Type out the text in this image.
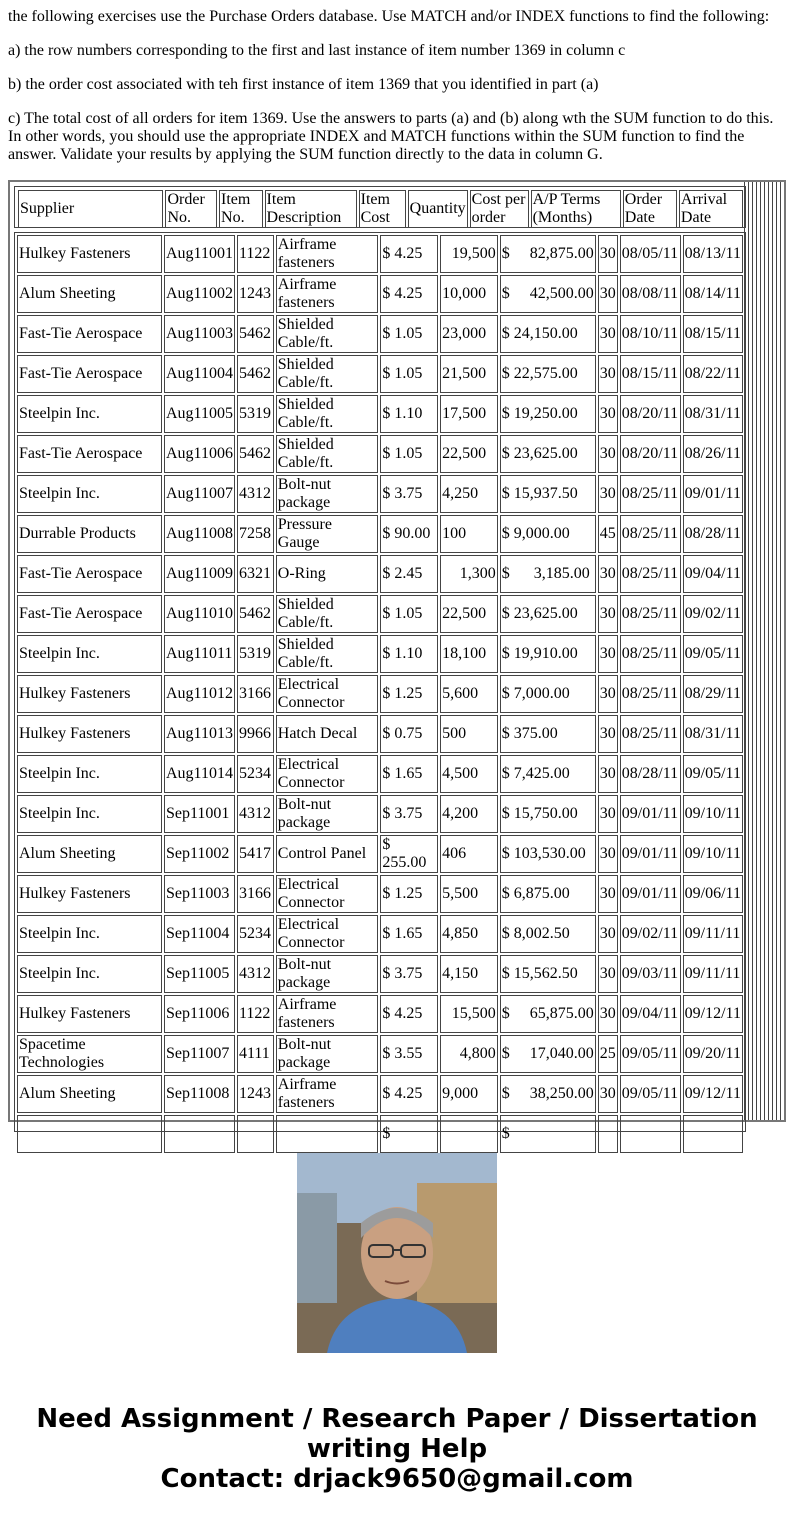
the following exercises use the Purchase Orders database. Use MATCH and/or INDEX functions to find the following:

a) the row numbers corresponding to the first and last instance of item number 1369 in column c

b) the order cost associated with teh first instance of item 1369 that you identified in part (a)

c) The total cost of all orders for item 1369. Use the answers to parts (a) and (b) along wth the SUM function to do this. In other words, you should use the appropriate INDEX and MATCH functions within the SUM function to find the answer. Validate your results by applying the SUM function directly to the data in column G.

Supplier	Order No.	Item No.	Item Description	Item Cost	Quantity	Cost per order	A/P Terms (Months)	Order Date	Arrival Date
Hulkey Fasteners	Aug11001	1122	Airframe fasteners	$ 4.25	19,500	$     82,875.00	30	08/05/11	08/13/11
Alum Sheeting	Aug11002	1243	Airframe fasteners	$ 4.25	10,000	$     42,500.00	30	08/08/11	08/14/11
Fast-Tie Aerospace	Aug11003	5462	Shielded Cable/ft.	$ 1.05	23,000	$ 24,150.00	30	08/10/11	08/15/11
Fast-Tie Aerospace	Aug11004	5462	Shielded Cable/ft.	$ 1.05	21,500	$ 22,575.00	30	08/15/11	08/22/11
Steelpin Inc.	Aug11005	5319	Shielded Cable/ft.	$ 1.10	17,500	$ 19,250.00	30	08/20/11	08/31/11
Fast-Tie Aerospace	Aug11006	5462	Shielded Cable/ft.	$ 1.05	22,500	$ 23,625.00	30	08/20/11	08/26/11
Steelpin Inc.	Aug11007	4312	Bolt-nut package	$ 3.75	4,250	$ 15,937.50	30	08/25/11	09/01/11
Durrable Products	Aug11008	7258	Pressure Gauge	$ 90.00	100	$ 9,000.00	45	08/25/11	08/28/11
Fast-Tie Aerospace	Aug11009	6321	O-Ring	$ 2.45	1,300	$      3,185.00	30	08/25/11	09/04/11
Fast-Tie Aerospace	Aug11010	5462	Shielded Cable/ft.	$ 1.05	22,500	$ 23,625.00	30	08/25/11	09/02/11
Steelpin Inc.	Aug11011	5319	Shielded Cable/ft.	$ 1.10	18,100	$ 19,910.00	30	08/25/11	09/05/11
Hulkey Fasteners	Aug11012	3166	Electrical Connector	$ 1.25	5,600	$ 7,000.00	30	08/25/11	08/29/11
Hulkey Fasteners	Aug11013	9966	Hatch Decal	$ 0.75	500	$ 375.00	30	08/25/11	08/31/11
Steelpin Inc.	Aug11014	5234	Electrical Connector	$ 1.65	4,500	$ 7,425.00	30	08/28/11	09/05/11
Steelpin Inc.	Sep11001	4312	Bolt-nut package	$ 3.75	4,200	$ 15,750.00	30	09/01/11	09/10/11
Alum Sheeting	Sep11002	5417	Control Panel	$ 255.00	406	$ 103,530.00	30	09/01/11	09/10/11
Hulkey Fasteners	Sep11003	3166	Electrical Connector	$ 1.25	5,500	$ 6,875.00	30	09/01/11	09/06/11
Steelpin Inc.	Sep11004	5234	Electrical Connector	$ 1.65	4,850	$ 8,002.50	30	09/02/11	09/11/11
Steelpin Inc.	Sep11005	4312	Bolt-nut package	$ 3.75	4,150	$ 15,562.50	30	09/03/11	09/11/11
Hulkey Fasteners	Sep11006	1122	Airframe fasteners	$ 4.25	15,500	$     65,875.00	30	09/04/11	09/12/11
Spacetime Technologies	Sep11007	4111	Bolt-nut package	$ 3.55	4,800	$     17,040.00	25	09/05/11	09/20/11
Alum Sheeting	Sep11008	1243	Airframe fasteners	$ 4.25	9,000	$     38,250.00	30	09/05/11	09/12/11
				$		$			
Need Assignment / Research Paper / Dissertation writing Help
Contact: drjack9650@gmail.com
